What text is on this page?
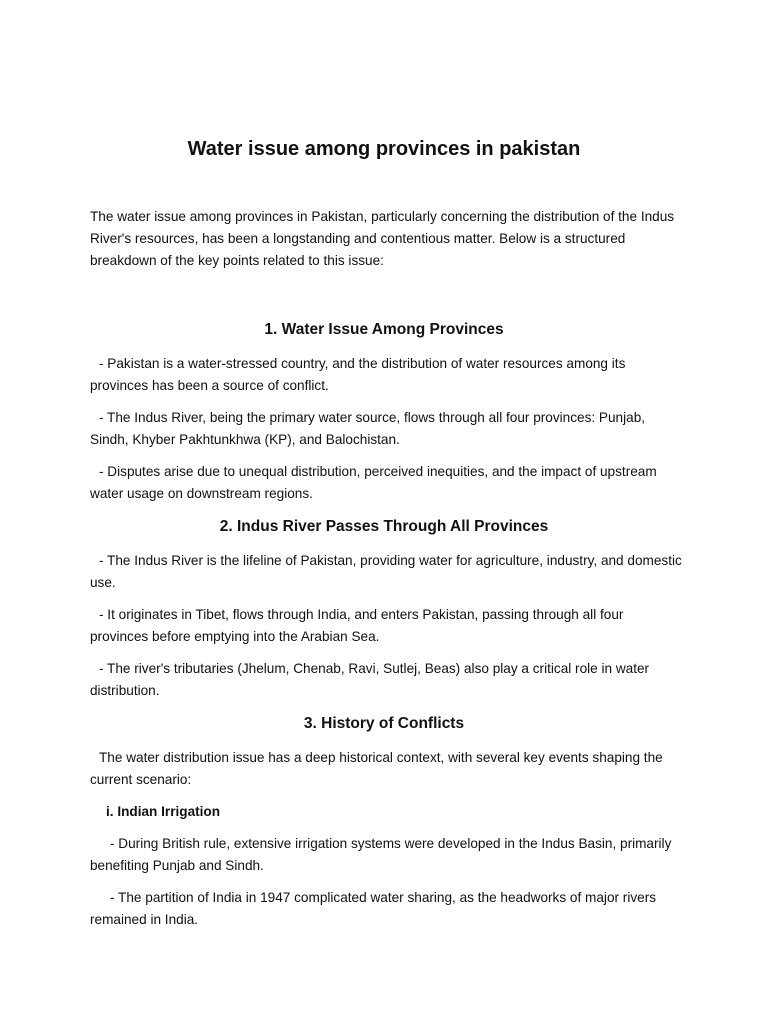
Water issue among provinces in pakistan

The water issue among provinces in Pakistan, particularly concerning the distribution of the Indus River's resources, has been a longstanding and contentious matter. Below is a structured breakdown of the key points related to this issue:

1. Water Issue Among Provinces

- Pakistan is a water-stressed country, and the distribution of water resources among its provinces has been a source of conflict.

- The Indus River, being the primary water source, flows through all four provinces: Punjab, Sindh, Khyber Pakhtunkhwa (KP), and Balochistan.

- Disputes arise due to unequal distribution, perceived inequities, and the impact of upstream water usage on downstream regions.

2. Indus River Passes Through All Provinces

- The Indus River is the lifeline of Pakistan, providing water for agriculture, industry, and domestic use.

- It originates in Tibet, flows through India, and enters Pakistan, passing through all four provinces before emptying into the Arabian Sea.

- The river's tributaries (Jhelum, Chenab, Ravi, Sutlej, Beas) also play a critical role in water distribution.

3. History of Conflicts

The water distribution issue has a deep historical context, with several key events shaping the current scenario:

i. Indian Irrigation

- During British rule, extensive irrigation systems were developed in the Indus Basin, primarily benefiting Punjab and Sindh.

- The partition of India in 1947 complicated water sharing, as the headworks of major rivers remained in India.
